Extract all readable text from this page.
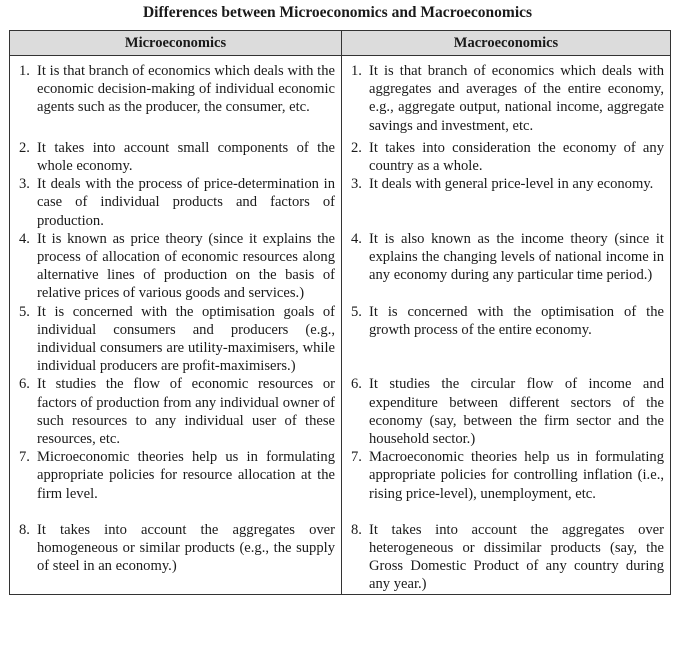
Differences between Microeconomics and Macroeconomics
Microeconomics	Macroeconomics

1. It is that branch of economics which deals with the economic decision-making of individual economic agents such as the producer, the consumer, etc.	1. It is that branch of economics which deals with aggregates and averages of the entire economy, e.g., aggregate output, national income, aggregate savings and investment, etc.

2. It takes into account small components of the whole economy.	2. It takes into consideration the economy of any country as a whole.

3. It deals with the process of price-determination in case of individual products and factors of production.	3. It deals with general price-level in any economy.

4. It is known as price theory (since it explains the process of allocation of economic resources along alternative lines of production on the basis of relative prices of various goods and services.)	4. It is also known as the income theory (since it explains the changing levels of national income in any economy during any particular time period.)

5. It is concerned with the optimisation goals of individual consumers and producers (e.g., individual consumers are utility-maximisers, while individual producers are profit-maximisers.)	5. It is concerned with the optimisation of the growth process of the entire economy.

6. It studies the flow of economic resources or factors of production from any individual owner of such resources to any individual user of these resources, etc.	6. It studies the circular flow of income and expenditure between different sectors of the economy (say, between the firm sector and the household sector.)

7. Microeconomic theories help us in formulating appropriate policies for resource allocation at the firm level.	7. Macroeconomic theories help us in formulating appropriate policies for controlling inflation (i.e., rising price-level), unemployment, etc.

8. It takes into account the aggregates over homogeneous or similar products (e.g., the supply of steel in an economy.)	8. It takes into account the aggregates over heterogeneous or dissimilar products (say, the Gross Domestic Product of any country during any year.)
